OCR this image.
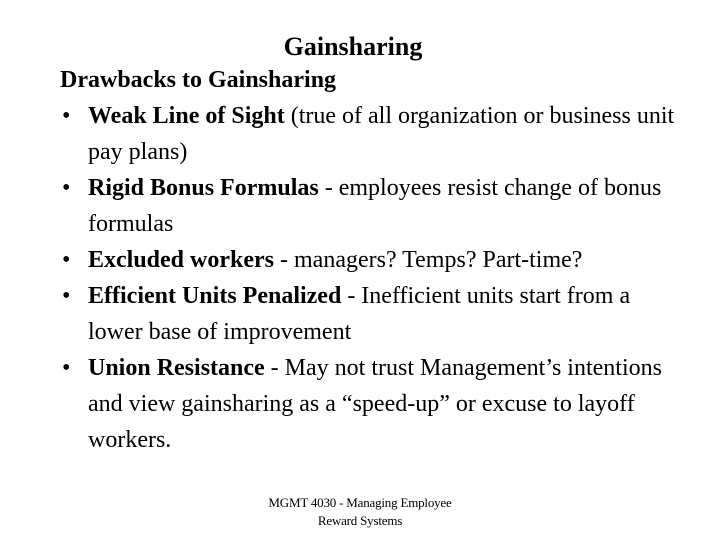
Gainsharing
Drawbacks to Gainsharing
• Weak Line of Sight (true of all organization or business unit pay plans)
• Rigid Bonus Formulas - employees resist change of bonus formulas
• Excluded workers - managers? Temps? Part-time?
• Efficient Units Penalized - Inefficient units start from a lower base of improvement
• Union Resistance - May not trust Management’s intentions and view gainsharing as a “speed-up” or excuse to layoff workers.
MGMT 4030 - Managing Employee
Reward Systems
